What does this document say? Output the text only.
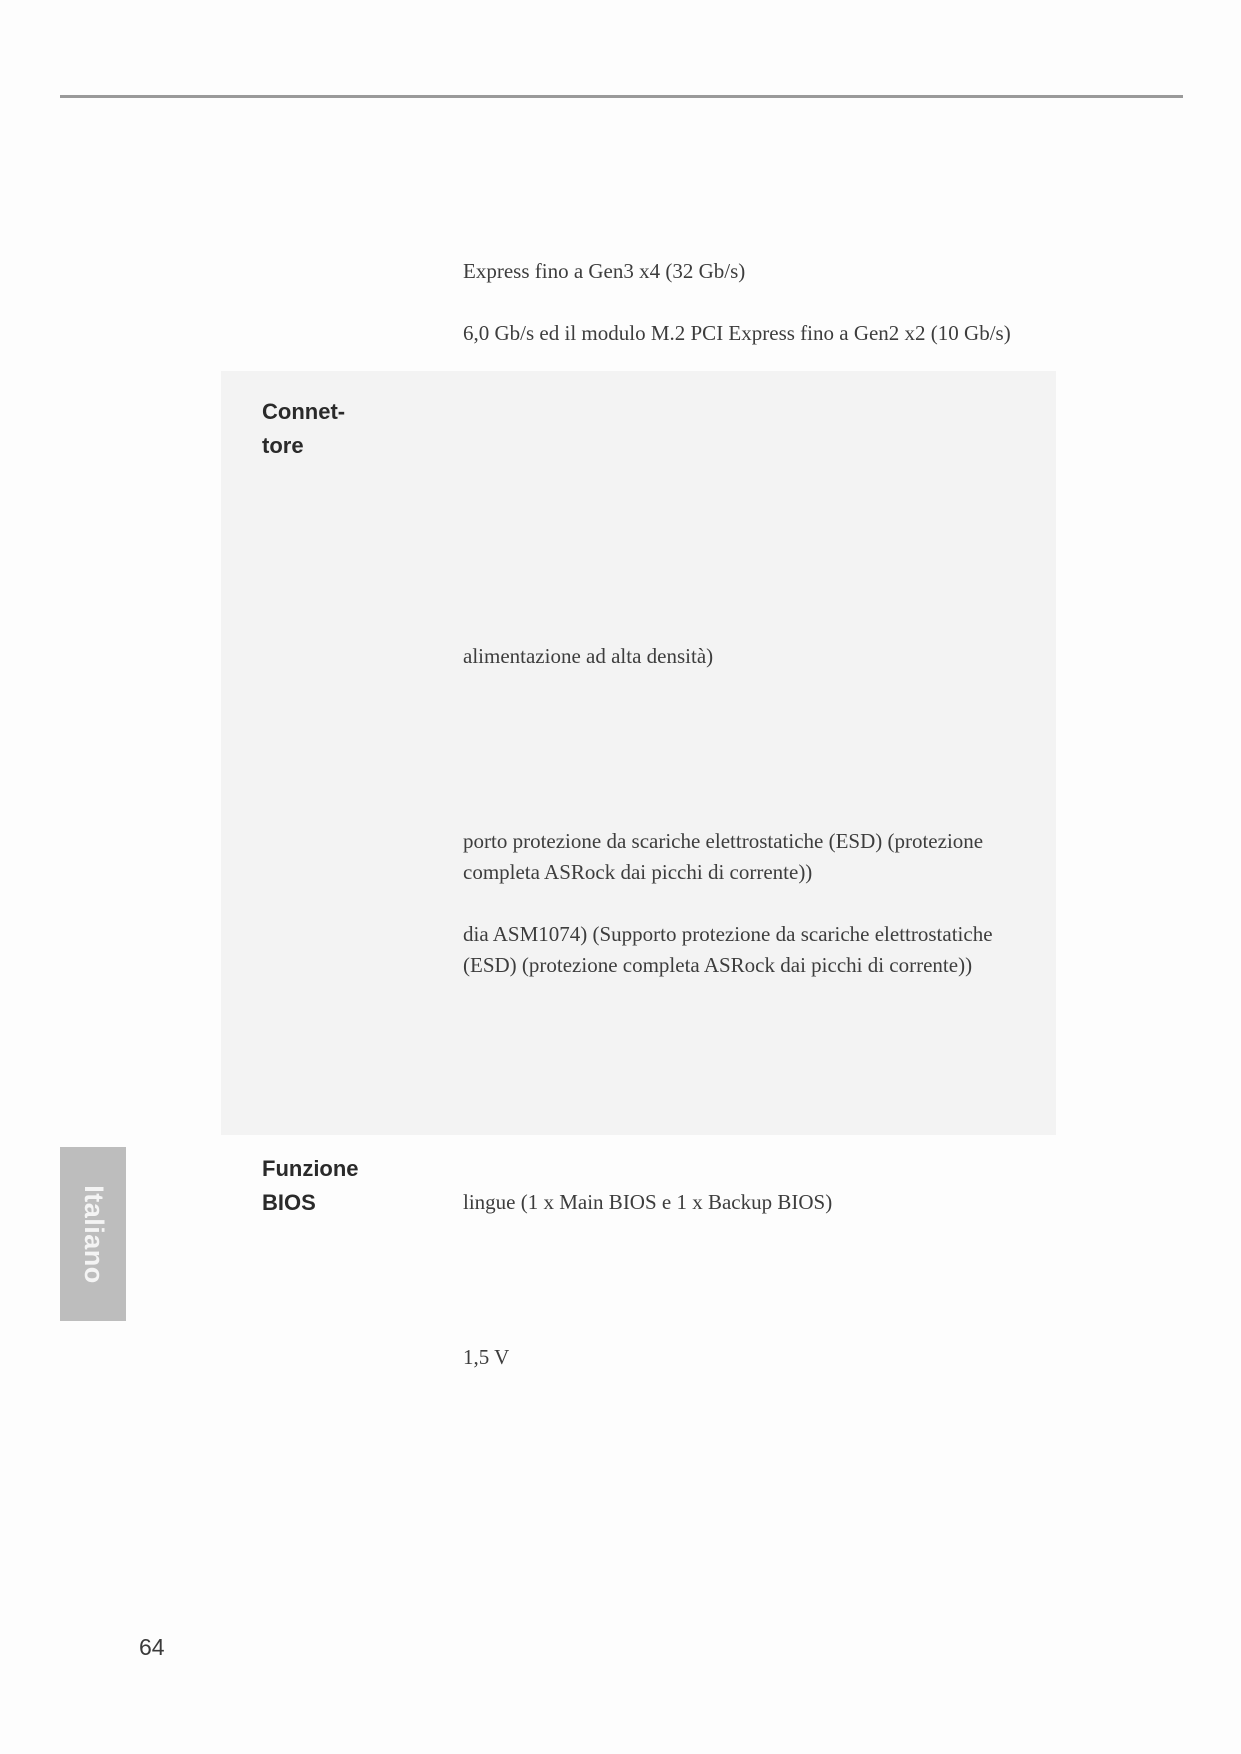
Express fino a Gen3 x4 (32 Gb/s)
6,0 Gb/s ed il modulo M.2 PCI Express fino a Gen2 x2 (10 Gb/s)
Connet-
tore
alimentazione ad alta densità)
porto protezione da scariche elettrostatiche (ESD) (protezione completa ASRock dai picchi di corrente))
dia ASM1074) (Supporto protezione da scariche elettrostatiche (ESD) (protezione completa ASRock dai picchi di corrente))
Funzione
BIOS	lingue (1 x Main BIOS e 1 x Backup BIOS)
1,5 V
Italiano
64
